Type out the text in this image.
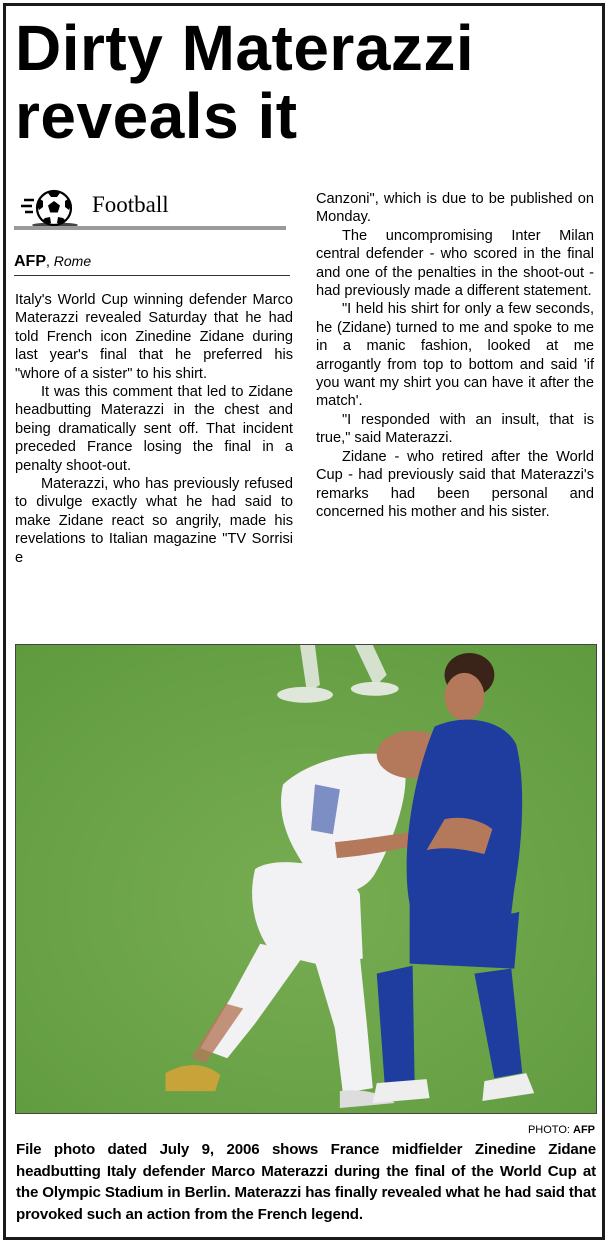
Dirty Materazzi
reveals it
Football
AFP, Rome

Italy's World Cup winning defender Marco Materazzi revealed Saturday that he had told French icon Zinedine Zidane during last year's final that he preferred his "whore of a sister" to his shirt.

It was this comment that led to Zidane headbutting Materazzi in the chest and being dramatically sent off. That incident preceded France losing the final in a penalty shoot-out.

Materazzi, who has previously refused to divulge exactly what he had said to make Zidane react so angrily, made his revelations to Italian magazine "TV Sorrisi e

Canzoni", which is due to be published on Monday.

The uncompromising Inter Milan central defender - who scored in the final and one of the penalties in the shoot-out - had previously made a different statement.

"I held his shirt for only a few seconds, he (Zidane) turned to me and spoke to me in a manic fashion, looked at me arrogantly from top to bottom and said 'if you want my shirt you can have it after the match'.

"I responded with an insult, that is true," said Materazzi.

Zidane - who retired after the World Cup - had previously said that Materazzi's remarks had been personal and concerned his mother and his sister.

PHOTO: AFP
File photo dated July 9, 2006 shows France midfielder Zinedine Zidane headbutting Italy defender Marco Materazzi during the final of the World Cup at the Olympic Stadium in Berlin. Materazzi has finally revealed what he had said that provoked such an action from the French legend.
